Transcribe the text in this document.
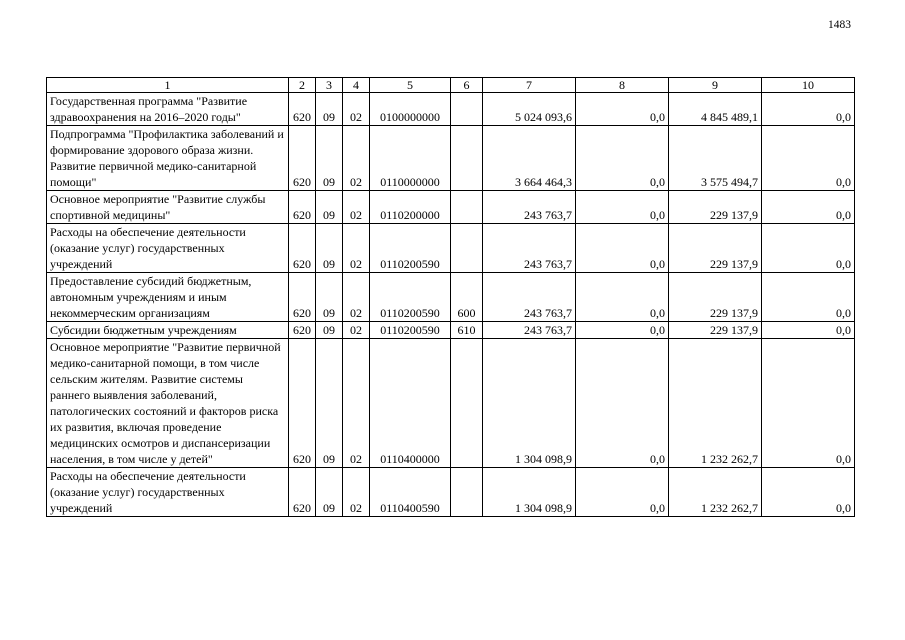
1483
1	2	3	4	5	6	7	8	9	10
Государственная программа "Развитие здравоохранения на 2016–2020 годы"	620	09	02	0100000000		5 024 093,6	0,0	4 845 489,1	0,0
Подпрограмма "Профилактика заболеваний и формирование здорового образа жизни. Развитие первичной медико-санитарной помощи"	620	09	02	0110000000		3 664 464,3	0,0	3 575 494,7	0,0
Основное мероприятие "Развитие службы спортивной медицины"	620	09	02	0110200000		243 763,7	0,0	229 137,9	0,0
Расходы на обеспечение деятельности (оказание услуг) государственных учреждений	620	09	02	0110200590		243 763,7	0,0	229 137,9	0,0
Предоставление субсидий бюджетным, автономным учреждениям и иным некоммерческим организациям	620	09	02	0110200590	600	243 763,7	0,0	229 137,9	0,0
Субсидии бюджетным учреждениям	620	09	02	0110200590	610	243 763,7	0,0	229 137,9	0,0
Основное мероприятие "Развитие первичной медико-санитарной помощи, в том числе сельским жителям. Развитие системы раннего выявления заболеваний, патологических состояний и факторов риска их развития, включая проведение медицинских осмотров и диспансеризации населения, в том числе у детей"	620	09	02	0110400000		1 304 098,9	0,0	1 232 262,7	0,0
Расходы на обеспечение деятельности (оказание услуг) государственных учреждений	620	09	02	0110400590		1 304 098,9	0,0	1 232 262,7	0,0
